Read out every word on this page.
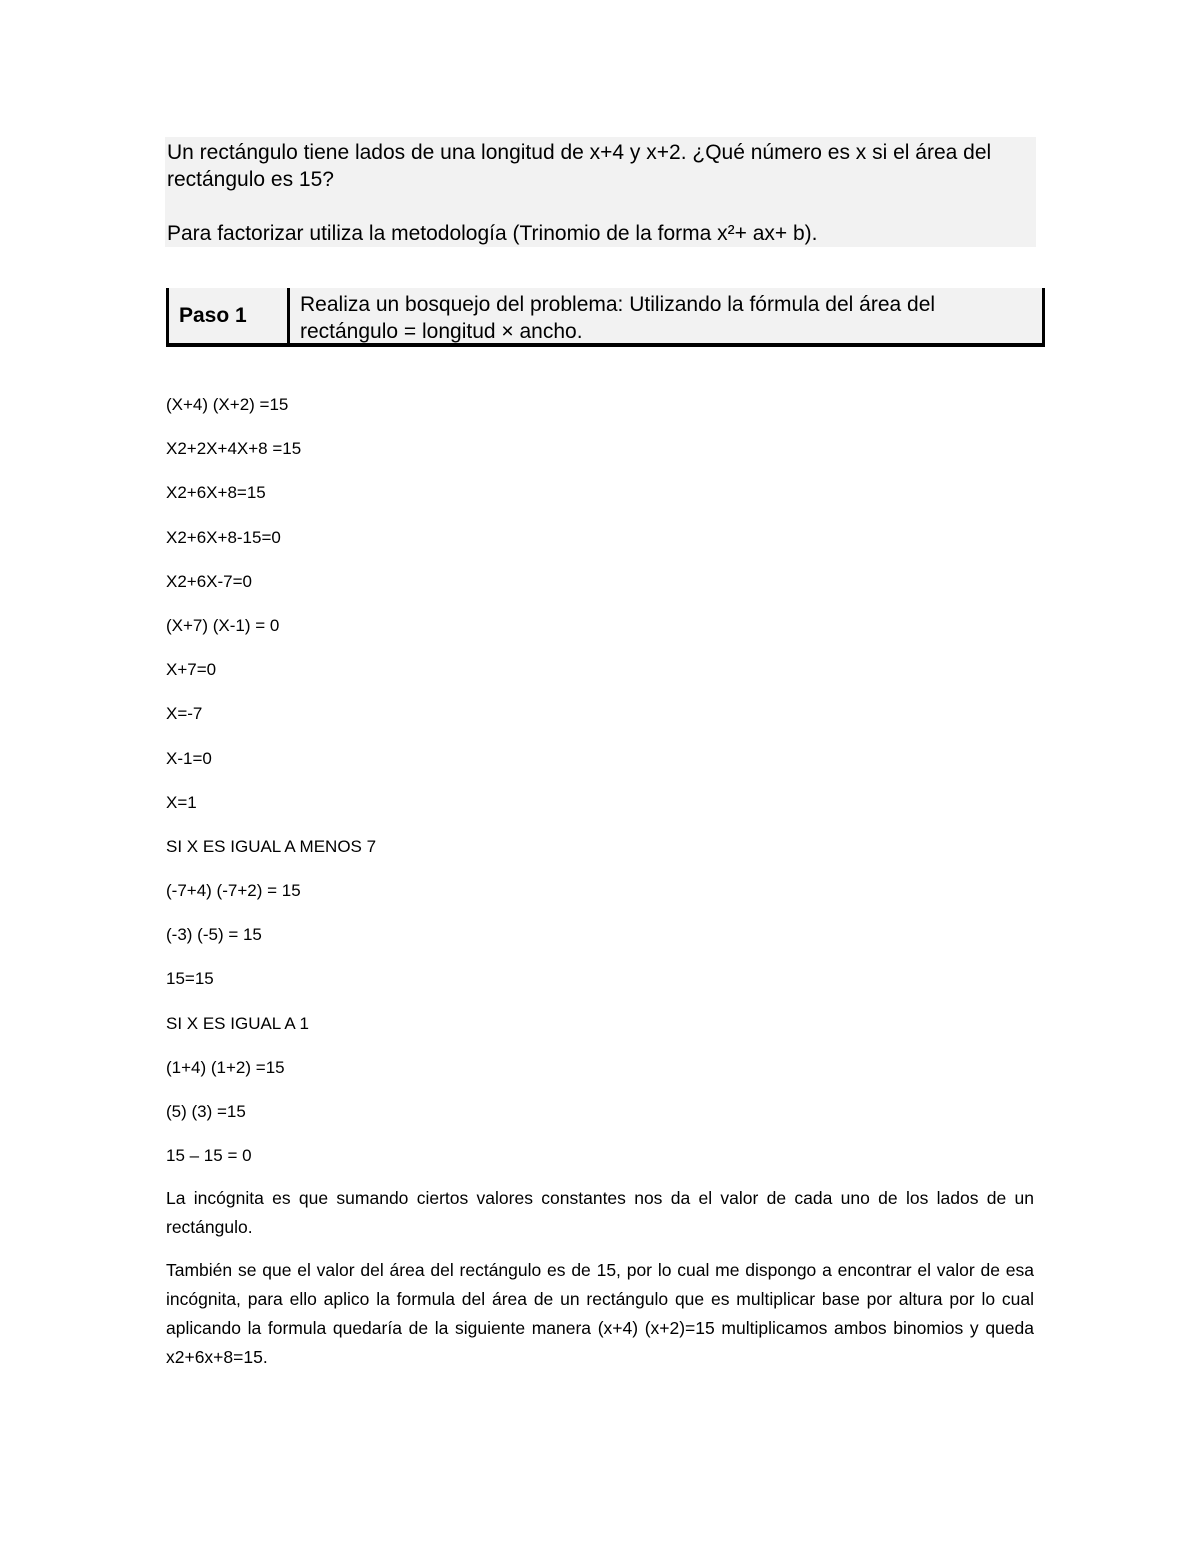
Un rectángulo tiene lados de una longitud de x+4 y x+2. ¿Qué número es x si el área del rectángulo es 15?

Para factorizar utiliza la metodología (Trinomio de la forma x²+ ax+ b).

Paso 1	Realiza un bosquejo del problema: Utilizando la fórmula del área del rectángulo = longitud × ancho.
(X+4) (X+2) =15
X2+2X+4X+8 =15
X2+6X+8=15
X2+6X+8-15=0
X2+6X-7=0
(X+7) (X-1) = 0
X+7=0
X=-7
X-1=0
X=1
SI X ES IGUAL A MENOS 7
(-7+4) (-7+2) = 15
(-3) (-5) = 15
15=15
SI X ES IGUAL A 1
(1+4) (1+2) =15
(5) (3) =15
15 – 15 = 0

La incógnita es que sumando ciertos valores constantes nos da el valor de cada uno de los lados de un rectángulo.

También se que el valor del área del rectángulo es de 15, por lo cual me dispongo a encontrar el valor de esa incógnita, para ello aplico la formula del área de un rectángulo que es multiplicar base por altura por lo cual aplicando la formula quedaría de la siguiente manera (x+4) (x+2)=15 multiplicamos ambos binomios y queda x2+6x+8=15.
